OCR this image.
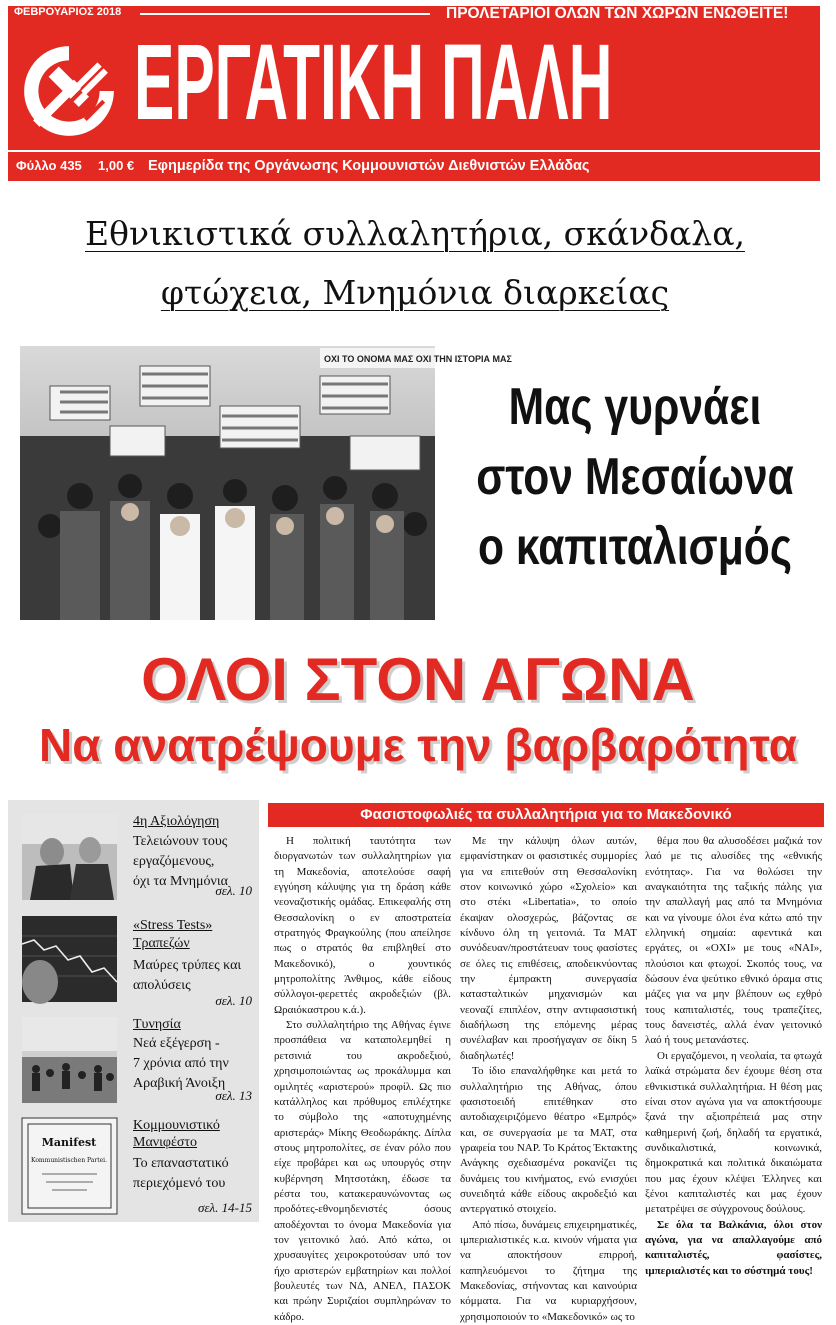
ΦΕΒΡΟΥΑΡΙΟΣ 2018	ΠΡΟΛΕΤΑΡΙΟΙ ΟΛΩΝ ΤΩΝ ΧΩΡΩΝ ΕΝΩΘΕΙΤΕ!
ΕΡΓΑΤΙΚΗ ΠΑΛΗ
Φύλλο 435 1,00 € Εφημερίδα της Οργάνωσης Κομμουνιστών Διεθνιστών Ελλάδας
Εθνικιστικά συλλαλητήρια, σκάνδαλα,
φτώχεια, Μνημόνια διαρκείας
ΟΧΙ ΤΟ ΟΝΟΜΑ ΜΑΣ ΟΧΙ ΤΗΝ ΙΣΤΟΡΙΑ ΜΑΣ
Μας γυρνάει
στον Μεσαίωνα
ο καπιταλισμός
ΟΛΟΙ ΣΤΟΝ ΑΓΩΝΑ
Να ανατρέψουμε την βαρβαρότητα
4η Αξιολόγηση
Τελειώνουν τους
εργαζόμενους,
όχι τα Μνημόνια
σελ. 10
«Stress Tests»
Τραπεζών
Μαύρες τρύπες και
απολύσεις
σελ. 10
Τυνησία
Νεά εξέγερση -
7 χρόνια από την
Αραβική Άνοιξη
σελ. 13
Manifest
Kommunistischen Partei.
Κομμουνιστικό
Μανιφέστο
Το επαναστατικό
περιεχόμενό του
σελ. 14-15
Φασιστοφωλιές τα συλλαλητήρια για το Μακεδονικό

Η πολιτική ταυτότητα των διοργανωτών των συλλαλητηρίων για τη Μακεδονία, αποτελούσε σαφή εγγύηση κάλυψης για τη δράση κάθε νεοναζιστικής ομάδας. Επικεφαλής στη Θεσσαλονίκη ο εν αποστρατεία στρατηγός Φραγκούλης (που απείλησε πως ο στρατός θα επιβληθεί στο Μακεδονικό), ο χουντικός μητροπολίτης Άνθιμος, κάθε είδους σύλλογοι-φερεττές ακροδεξιών (βλ. Ωραιόκαστρου κ.ά.).

Στο συλλαλητήριο της Αθήνας έγινε προσπάθεια να καταπολεμηθεί η ρετσινιά του ακροδεξιού, χρησιμοποιώντας ως προκάλυμμα και ομιλητές «αριστερού» προφίλ. Ως πιο κατάλληλος και πρόθυμος επιλέχτηκε το σύμβολο της «αποτυχημένης αριστεράς» Μίκης Θεοδωράκης. Δίπλα στους μητροπολίτες, σε έναν ρόλο που είχε προβάρει και ως υπουργός στην κυβέρνηση Μητσοτάκη, έδωσε τα ρέστα του, κατακεραυνώνοντας ως προδότες-εθνομηδενιστές όσους αποδέχονται το όνομα Μακεδονία για τον γειτονικό λαό. Από κάτω, οι χρυσαυγίτες χειροκροτούσαν υπό τον ήχο αριστερών εμβατηρίων και πολλοί βουλευτές των ΝΔ, ΑΝΕΛ, ΠΑΣΟΚ και πρώην Συριζαίοι συμπληρώναν το κάδρο.

Με την κάλυψη όλων αυτών, εμφανίστηκαν οι φασιστικές συμμορίες για να επιτεθούν στη Θεσσαλονίκη στον κοινωνικό χώρο «Σχολείο» και στο στέκι «Libertatia», το οποίο έκαψαν ολοσχερώς, βάζοντας σε κίνδυνο όλη τη γειτονιά. Τα ΜΑΤ συνόδευαν/προστάτευαν τους φασίστες σε όλες τις επιθέσεις, αποδεικνύοντας την έμπρακτη συνεργασία κατασταλτικών μηχανισμών και νεοναζί επιπλέον, στην αντιφασιστική διαδήλωση της επόμενης μέρας συνέλαβαν και προσήγαγαν σε δίκη 5 διαδηλωτές!

Το ίδιο επαναλήφθηκε και μετά το συλλαλητήριο της Αθήνας, όπου φασιστοειδή επιτέθηκαν στο αυτοδιαχειριζόμενο θέατρο «Εμπρός» και, σε συνεργασία με τα ΜΑΤ, στα γραφεία του ΝΑΡ. Το Κράτος Έκτακτης Ανάγκης σχεδιασμένα ροκανίζει τις δυνάμεις του κινήματος, ενώ ενισχύει συνειδητά κάθε είδους ακροδεξιό και αντεργατικό στοιχείο.

Από πίσω, δυνάμεις επιχειρηματικές, ιμπεριαλιστικές κ.α. κινούν νήματα για να αποκτήσουν επιρροή, καπηλευόμενοι το ζήτημα της Μακεδονίας, στήνοντας και καινούρια κόμματα. Για να κυριαρχήσουν, χρησιμοποιούν το «Μακεδονικό» ως το

θέμα που θα αλυσοδέσει μαζικά τον λαό με τις αλυσίδες της «εθνικής ενότητας». Για να θολώσει την αναγκαιότητα της ταξικής πάλης για την απαλλαγή μας από τα Μνημόνια και να γίνουμε όλοι ένα κάτω από την ελληνική σημαία: αφεντικά και εργάτες, οι «ΟΧΙ» με τους «ΝΑΙ», πλούσιοι και φτωχοί. Σκοπός τους, να δώσουν ένα ψεύτικο εθνικό όραμα στις μάζες για να μην βλέπουν ως εχθρό τους καπιταλιστές, τους τραπεζίτες, τους δανειστές, αλλά έναν γειτονικό λαό ή τους μετανάστες.

Οι εργαζόμενοι, η νεολαία, τα φτωχά λαϊκά στρώματα δεν έχουμε θέση στα εθνικιστικά συλλαλητήρια. Η θέση μας είναι στον αγώνα για να αποκτήσουμε ξανά την αξιοπρέπειά μας στην καθημερινή ζωή, δηλαδή τα εργατικά, συνδικαλιστικά, κοινωνικά, δημοκρατικά και πολιτικά δικαιώματα που μας έχουν κλέψει Έλληνες και ξένοι καπιταλιστές και μας έχουν μετατρέψει σε σύγχρονους δούλους.

Σε όλα τα Βαλκάνια, όλοι στον αγώνα, για να απαλλαγούμε από καπιταλιστές, φασίστες, ιμπεριαλιστές και το σύστημά τους!
